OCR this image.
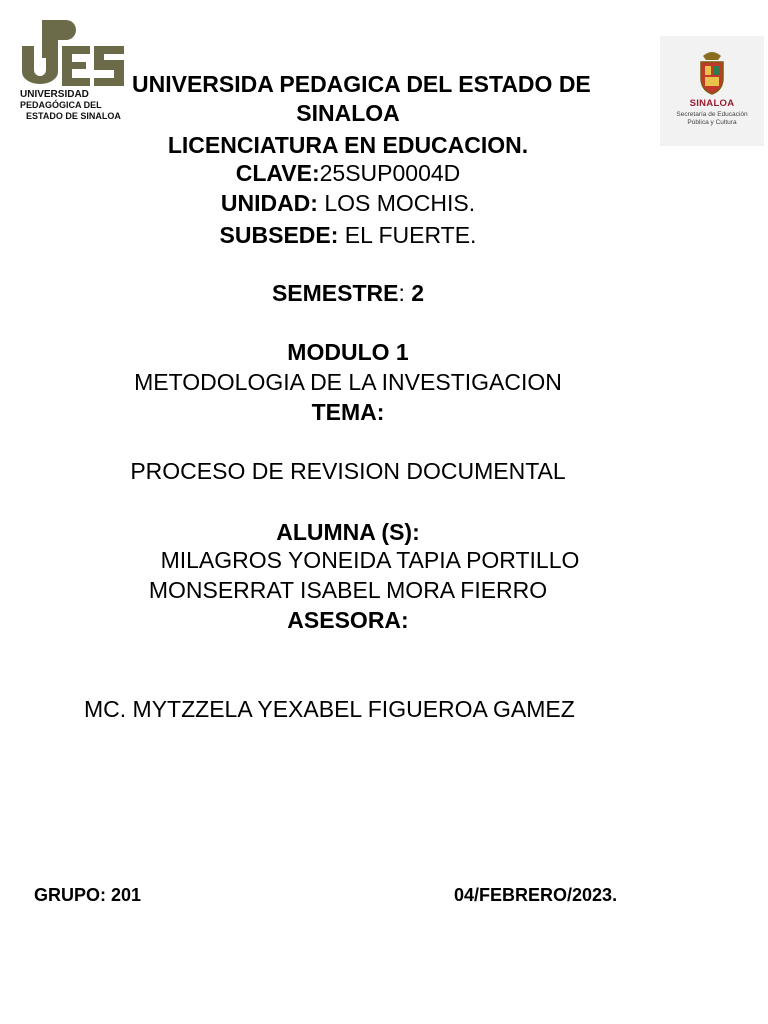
UNIVERSIDAD
PEDAGÓGICA DEL
ESTADO DE SINALOA
SINALOA
Secretaría de Educación
Pública y Cultura
UNIVERSIDA PEDAGICA DEL ESTADO DE
SINALOA
LICENCIATURA EN EDUCACION.
CLAVE:25SUP0004D
UNIDAD: LOS MOCHIS.
SUBSEDE: EL FUERTE.
SEMESTRE: 2
MODULO 1
METODOLOGIA DE LA INVESTIGACION
TEMA:
PROCESO DE REVISION DOCUMENTAL
ALUMNA (S):
MILAGROS YONEIDA TAPIA PORTILLO
MONSERRAT ISABEL MORA FIERRO
ASESORA:
MC. MYTZZELA YEXABEL FIGUEROA GAMEZ
GRUPO: 201	04/FEBRERO/2023.
